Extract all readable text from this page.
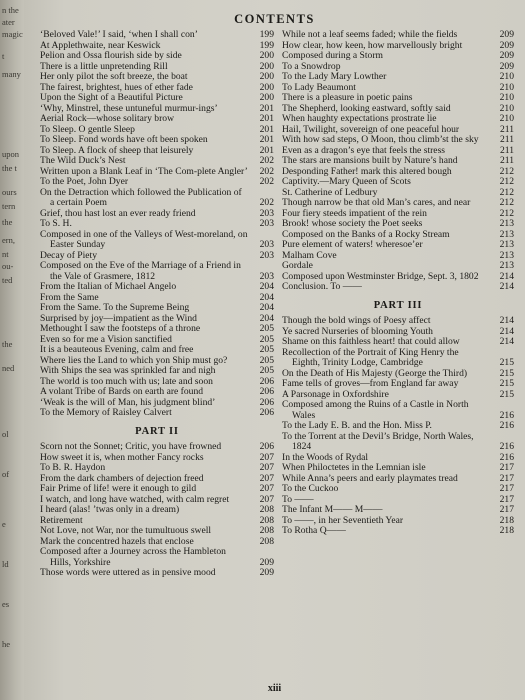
n the
ater
magic
t
many
upon
the t
ours
tern
the
ern,
nt
ou-
ted
the
ned
ol
of
e
ld
es
he
CONTENTS
‘Beloved Vale!’ I said, ‘when I shall con’	199
At Applethwaite, near Keswick	199
Pelion and Ossa flourish side by side	200
There is a little unpretending Rill	200
Her only pilot the soft breeze, the boat	200
The fairest, brightest, hues of ether fade	200
Upon the Sight of a Beautiful Picture	200
‘Why, Minstrel, these untuneful murmur-ings’	201
Aerial Rock—whose solitary brow	201
To Sleep. O gentle Sleep	201
To Sleep. Fond words have oft been spoken	201
To Sleep. A flock of sheep that leisurely	201
The Wild Duck’s Nest	202
Written upon a Blank Leaf in ‘The Com-plete Angler’	202
To the Poet, John Dyer	202
On the Detraction which followed the Publication of a certain Poem	202
Grief, thou hast lost an ever ready friend	203
To S. H.	203
Composed in one of the Valleys of West-moreland, on Easter Sunday	203
Decay of Piety	203
Composed on the Eve of the Marriage of a Friend in the Vale of Grasmere, 1812	203
From the Italian of Michael Angelo	204
From the Same	204
From the Same. To the Supreme Being	204
Surprised by joy—impatient as the Wind	204
Methought I saw the footsteps of a throne	205
Even so for me a Vision sanctified	205
It is a beauteous Evening, calm and free	205
Where lies the Land to which yon Ship must go?	205
With Ships the sea was sprinkled far and nigh	205
The world is too much with us; late and soon	206
A volant Tribe of Bards on earth are found	206
‘Weak is the will of Man, his judgment blind’	206
To the Memory of Raisley Calvert	206
PART II
Scorn not the Sonnet; Critic, you have frowned	206
How sweet it is, when mother Fancy rocks	207
To B. R. Haydon	207
From the dark chambers of dejection freed	207
Fair Prime of life! were it enough to gild	207
I watch, and long have watched, with calm regret	207
I heard (alas! ’twas only in a dream)	208
Retirement	208
Not Love, not War, nor the tumultuous swell	208
Mark the concentred hazels that enclose	208
Composed after a Journey across the Hambleton Hills, Yorkshire	209
Those words were uttered as in pensive mood	209
While not a leaf seems faded; while the fields	209
How clear, how keen, how marvellously bright	209
Composed during a Storm	209
To a Snowdrop	209
To the Lady Mary Lowther	210
To Lady Beaumont	210
There is a pleasure in poetic pains	210
The Shepherd, looking eastward, softly said	210
When haughty expectations prostrate lie	210
Hail, Twilight, sovereign of one peaceful hour	211
With how sad steps, O Moon, thou climb’st the sky	211
Even as a dragon’s eye that feels the stress	211
The stars are mansions built by Nature’s hand	211
Desponding Father! mark this altered bough	212
Captivity.—Mary Queen of Scots	212
St. Catherine of Ledbury	212
Though narrow be that old Man’s cares, and near	212
Four fiery steeds impatient of the rein	212
Brook! whose society the Poet seeks	213
Composed on the Banks of a Rocky Stream	213
Pure element of waters! wheresoe’er	213
Malham Cove	213
Gordale	213
Composed upon Westminster Bridge, Sept. 3, 1802	214
Conclusion. To ——	214
PART III
Though the bold wings of Poesy affect	214
Ye sacred Nurseries of blooming Youth	214
Shame on this faithless heart! that could allow	214
Recollection of the Portrait of King Henry the Eighth, Trinity Lodge, Cambridge	215
On the Death of His Majesty (George the Third)	215
Fame tells of groves—from England far away	215
A Parsonage in Oxfordshire	215
Composed among the Ruins of a Castle in North Wales	216
To the Lady E. B. and the Hon. Miss P.	216
To the Torrent at the Devil’s Bridge, North Wales, 1824	216
In the Woods of Rydal	216
When Philoctetes in the Lemnian isle	217
While Anna’s peers and early playmates tread	217
To the Cuckoo	217
To ——	217
The Infant M—— M——	217
To ——, in her Seventieth Year	218
To Rotha Q——	218
xiii
